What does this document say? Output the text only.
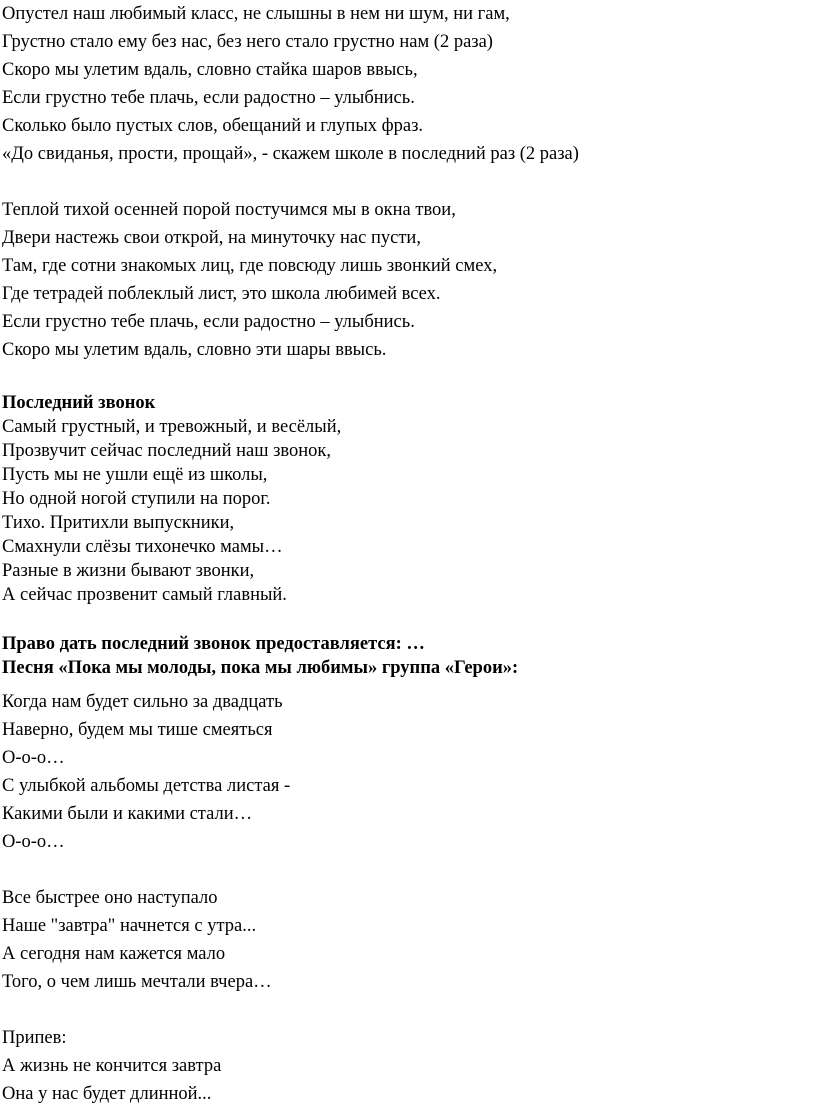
Опустел наш любимый класс, не слышны в нем ни шум, ни гам,
Грустно стало ему без нас, без него стало грустно нам (2 раза)
Скоро мы улетим вдаль, словно стайка шаров ввысь,
Если грустно тебе плачь, если радостно – улыбнись.
Сколько было пустых слов, обещаний и глупых фраз.
«До свиданья, прости, прощай», - скажем школе в последний раз (2 раза)
Теплой тихой осенней порой постучимся мы в окна твои,
Двери настежь свои открой, на минуточку нас пусти,
Там, где сотни знакомых лиц, где повсюду лишь звонкий смех,
Где тетрадей поблеклый лист, это школа любимей всех.
Если грустно тебе плачь, если радостно – улыбнись.
Скоро мы улетим вдаль, словно эти шары ввысь.
Последний звонок
Самый грустный, и тревожный, и весёлый,
Прозвучит сейчас последний наш звонок,
Пусть мы не ушли ещё из школы,
Но одной ногой ступили на порог.
Тихо. Притихли выпускники,
Смахнули слёзы тихонечко мамы…
Разные в жизни бывают звонки,
А сейчас прозвенит самый главный.
Право дать последний звонок предоставляется: …
Песня «Пока мы молоды, пока мы любимы» группа «Герои»:
Когда нам будет сильно за двадцать
Наверно, будем мы тише смеяться
О-о-о…
С улыбкой альбомы детства листая -
Какими были и какими стали…
О-о-о…
Все быстрее оно наступало
Наше "завтра" начнется с утра...
А сегодня нам кажется мало
Того, о чем лишь мечтали вчера…
Припев:
А жизнь не кончится завтра
Она у нас будет длинной...
